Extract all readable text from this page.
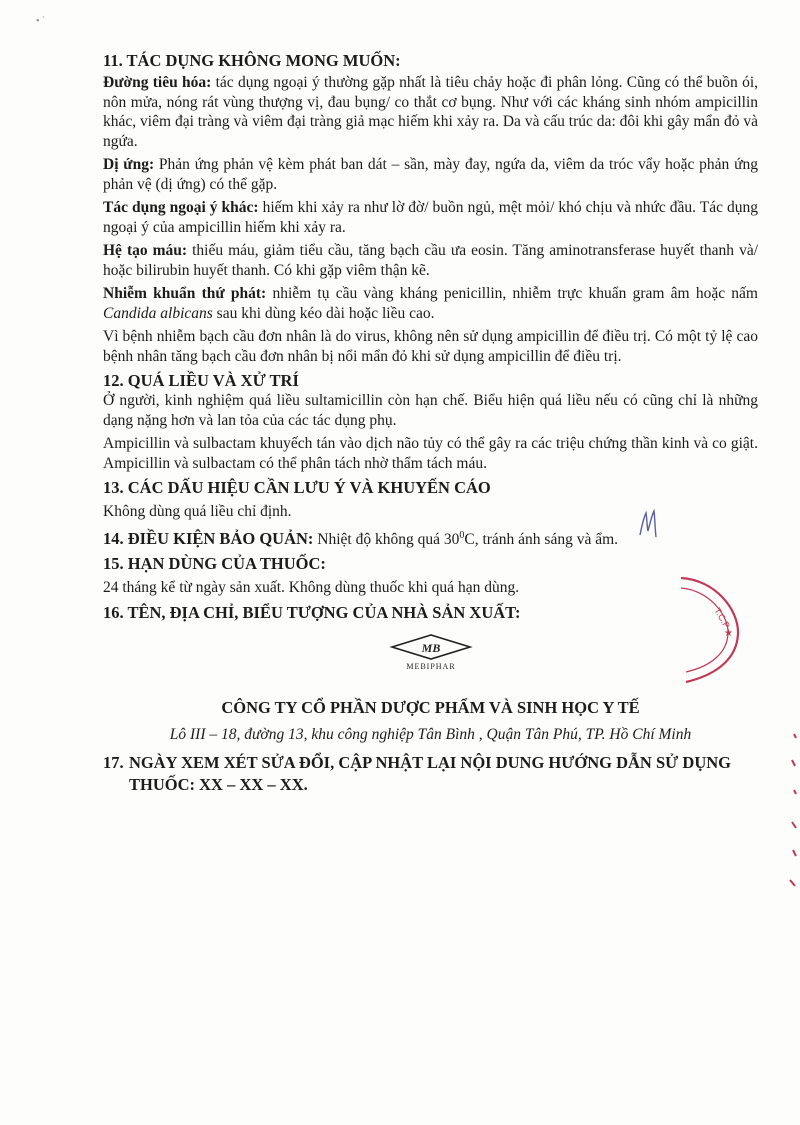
• `

11. TÁC DỤNG KHÔNG MONG MUỐN:

Đường tiêu hóa: tác dụng ngoại ý thường gặp nhất là tiêu chảy hoặc đi phân lỏng. Cũng có thể buồn ói, nôn mửa, nóng rát vùng thượng vị, đau bụng/ co thắt cơ bụng. Như với các kháng sinh nhóm ampicillin khác, viêm đại tràng và viêm đại tràng giả mạc hiếm khi xảy ra. Da và cấu trúc da: đôi khi gây mẩn đỏ và ngứa.

Dị ứng: Phản ứng phản vệ kèm phát ban dát – sần, mày đay, ngứa da, viêm da tróc vẩy hoặc phản ứng phản vệ (dị ứng) có thể gặp.

Tác dụng ngoại ý khác: hiếm khi xảy ra như lờ đờ/ buồn ngủ, mệt mỏi/ khó chịu và nhức đầu. Tác dụng ngoại ý của ampicillin hiếm khi xảy ra.

Hệ tạo máu: thiếu máu, giảm tiểu cầu, tăng bạch cầu ưa eosin. Tăng aminotransferase huyết thanh và/ hoặc bilirubin huyết thanh. Có khi gặp viêm thận kẽ.

Nhiễm khuẩn thứ phát: nhiễm tụ cầu vàng kháng penicillin, nhiễm trực khuẩn gram âm hoặc nấm Candida albicans sau khi dùng kéo dài hoặc liều cao.

Vì bệnh nhiễm bạch cầu đơn nhân là do virus, không nên sử dụng ampicillin để điều trị. Có một tỷ lệ cao bệnh nhân tăng bạch cầu đơn nhân bị nổi mẩn đỏ khi sử dụng ampicillin để điều trị.

12. QUÁ LIỀU VÀ XỬ TRÍ

Ở người, kinh nghiệm quá liều sultamicillin còn hạn chế. Biểu hiện quá liều nếu có cũng chỉ là những dạng nặng hơn và lan tỏa của các tác dụng phụ.

Ampicillin và sulbactam khuyếch tán vào dịch não tủy có thể gây ra các triệu chứng thần kinh và co giật. Ampicillin và sulbactam có thể phân tách nhờ thẩm tách máu.

13. CÁC DẤU HIỆU CẦN LƯU Ý VÀ KHUYẾN CÁO

Không dùng quá liều chỉ định.

14. ĐIỀU KIỆN BẢO QUẢN: Nhiệt độ không quá $30^0C$, tránh ánh sáng và ẩm.

15. HẠN DÙNG CỦA THUỐC:

24 tháng kể từ ngày sản xuất. Không dùng thuốc khi quá hạn dùng.

16. TÊN, ĐỊA CHỈ, BIỂU TƯỢNG CỦA NHÀ SẢN XUẤT:

MB
MEBIPHAR

CÔNG TY CỔ PHẦN DƯỢC PHẨM VÀ SINH HỌC Y TẾ

Lô III – 18, đường 13, khu công nghiệp Tân Bình , Quận Tân Phú, TP. Hồ Chí Minh

17. NGÀY XEM XÉT SỬA ĐỔI, CẬP NHẬT LẠI NỘI DUNG HƯỚNG DẪN SỬ DỤNG THUỐC: XX – XX – XX.
T.C.P
★
